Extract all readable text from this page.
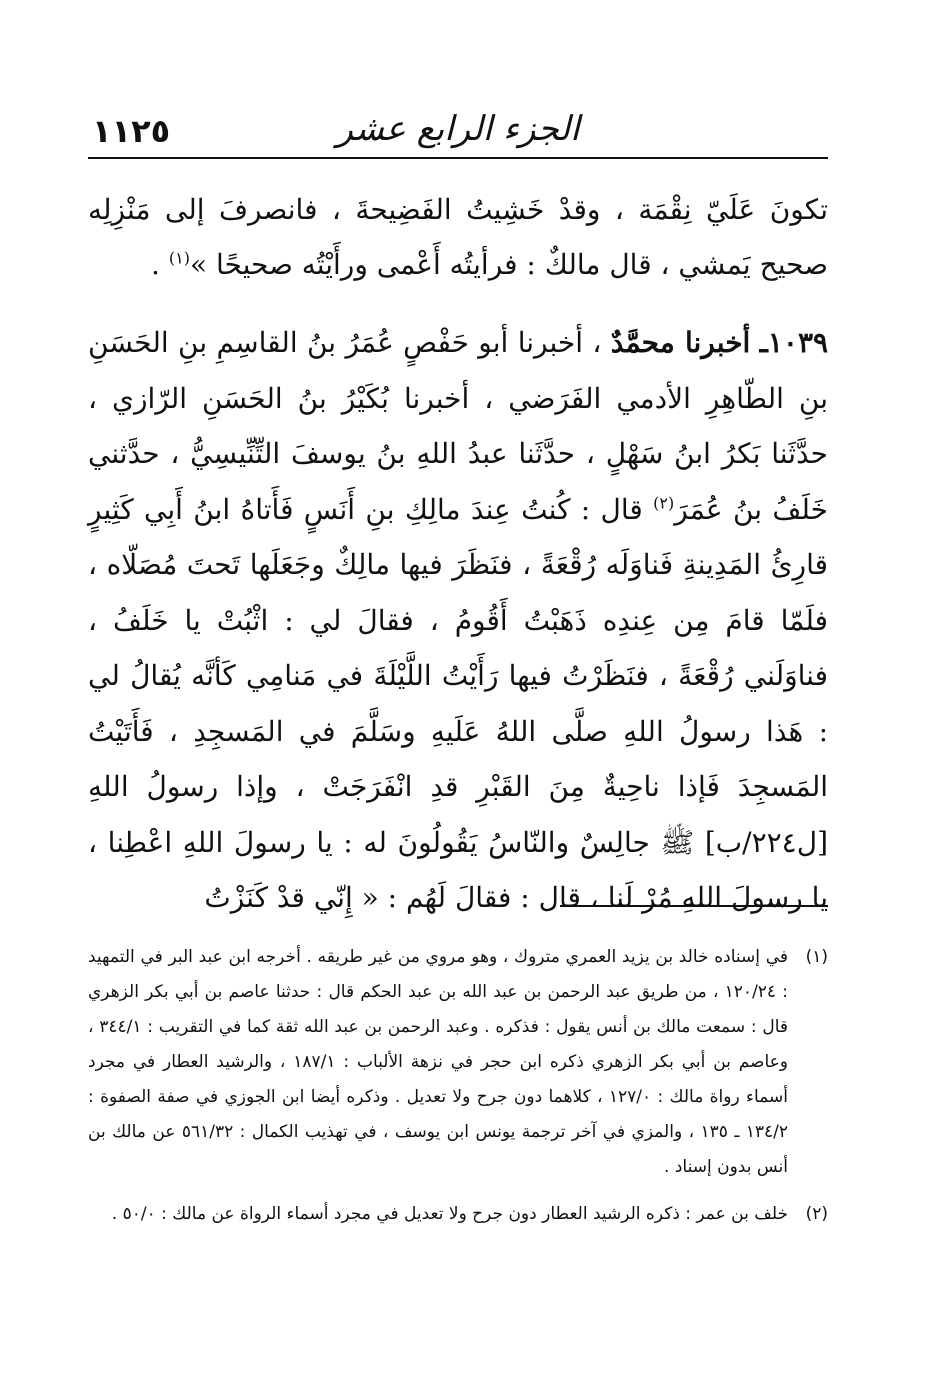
الجزء الرابع عشر
١١٢٥

تكونَ عَلَيّ نِقْمَة ، وقدْ خَشِيتُ الفَضِيحةَ ، فانصرفَ إلى مَنْزِلِه صحيح يَمشي ، قال مالكٌ : فرأيتُه أَعْمى ورأَيْتُه صحيحًا »$^{(١)}$ .

١٠٣٩ـ أخبرنا محمَّدٌ ، أخبرنا أبو حَفْصٍ عُمَرُ بنُ القاسِمِ بنِ الحَسَنِ بنِ الطّاهِرِ الأدمي الفَرَضي ، أخبرنا بُكَيْرُ بنُ الحَسَنِ الرّازي ، حدَّثَنا بَكرُ ابنُ سَهْلٍ ، حدَّثَنا عبدُ اللهِ بنُ يوسفَ التِّنِّيسِيُّ ، حدَّثني خَلَفُ بنُ عُمَرَ$^{(٢)}$ قال : كُنتُ عِندَ مالِكِ بنِ أَنَسٍ فَأَتاهُ ابنُ أَبِي كَثِيرٍ قارِئُ المَدِينةِ فَناوَلَه رُقْعَةً ، فنَظَرَ فيها مالِكٌ وجَعَلَها تَحتَ مُصَلّاه ، فلَمّا قامَ مِن عِندِه ذَهَبْتُ أَقُومُ ، فقالَ لي : اثْبُتْ يا خَلَفُ ، فناوَلَني رُقْعَةً ، فنَظَرْتُ فيها رَأَيْتُ اللَّيْلَةَ في مَنامِي كَأنَّه يُقالُ لي : هَذا رسولُ اللهِ صلَّى اللهُ عَلَيهِ وسَلَّمَ في المَسجِدِ ، فَأَتَيْتُ المَسجِدَ فَإذا ناحِيةٌ مِنَ القَبْرِ قدِ انْفَرَجَتْ ، وإذا رسولُ اللهِ [ل٢٢٤/ب] ﷺ جالِسٌ والنّاسُ يَقُولُونَ له : يا رسولَ اللهِ اعْطِنا ، يا رسولَ اللهِ مُرْ لَنا ، قال : فقالَ لَهُم : « إِنّي قدْ كَنَزْتُ

(١)
في إسناده خالد بن يزيد العمري متروك ، وهو مروي من غير طريقه . أخرجه ابن عبد البر في التمهيد : ١٢٠/٢٤ ، من طريق عبد الرحمن بن عبد الله بن عبد الحكم قال : حدثنا عاصم بن أبي بكر الزهري قال : سمعت مالك بن أنس يقول : فذكره . وعبد الرحمن بن عبد الله ثقة كما في التقريب : ٣٤٤/١ ، وعاصم بن أبي بكر الزهري ذكره ابن حجر في نزهة الألباب : ١٨٧/١ ، والرشيد العطار في مجرد أسماء رواة مالك : ١٢٧/٠ ، كلاهما دون جرح ولا تعديل . وذكره أيضا ابن الجوزي في صفة الصفوة : ١٣٤/٢ ـ ١٣٥ ، والمزي في آخر ترجمة يونس ابن يوسف ، في تهذيب الكمال : ٥٦١/٣٢ عن مالك بن أنس بدون إسناد .
(٢)
خلف بن عمر : ذكره الرشيد العطار دون جرح ولا تعديل في مجرد أسماء الرواة عن مالك : ٥٠/٠ .
